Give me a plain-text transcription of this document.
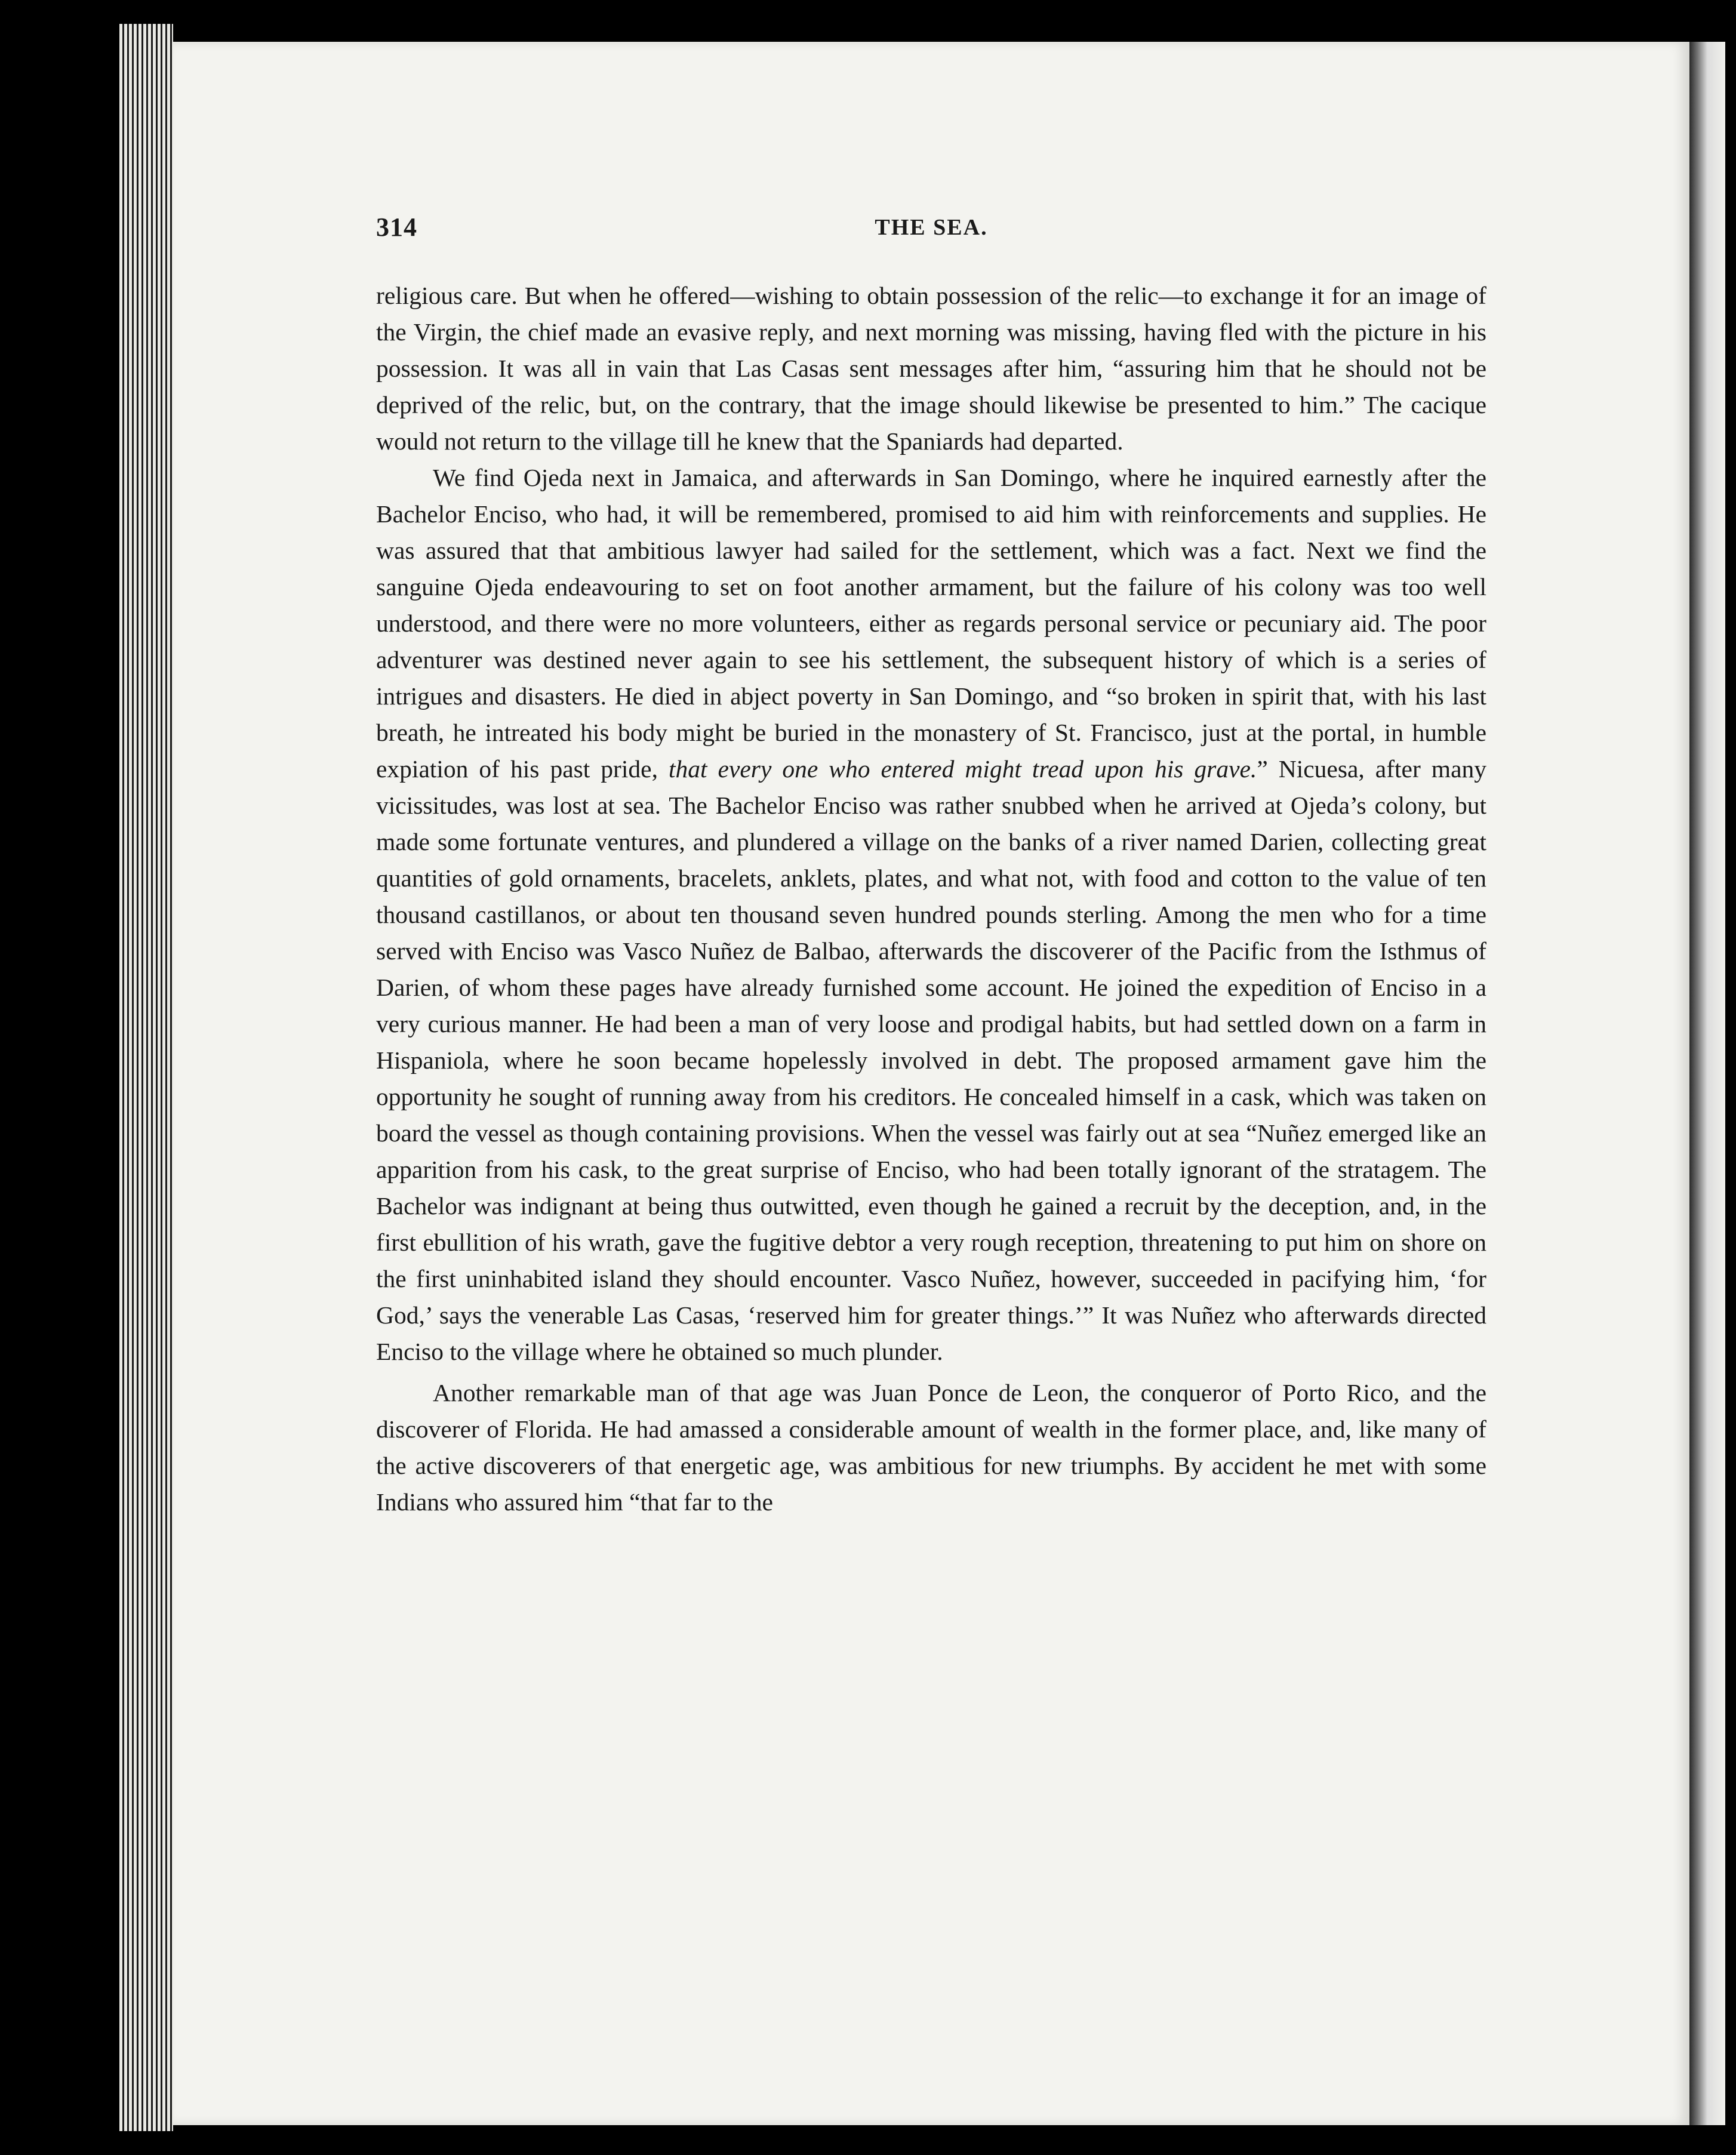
314	THE SEA.

religious care. But when he offered—wishing to obtain possession of the relic—to exchange it for an image of the Virgin, the chief made an evasive reply, and next morning was missing, having fled with the picture in his possession. It was all in vain that Las Casas sent messages after him, “assuring him that he should not be deprived of the relic, but, on the contrary, that the image should likewise be presented to him.” The cacique would not return to the village till he knew that the Spaniards had departed.

We find Ojeda next in Jamaica, and afterwards in San Domingo, where he inquired earnestly after the Bachelor Enciso, who had, it will be remembered, promised to aid him with reinforcements and supplies. He was assured that that ambitious lawyer had sailed for the settlement, which was a fact. Next we find the sanguine Ojeda endeavouring to set on foot another armament, but the failure of his colony was too well understood, and there were no more volunteers, either as regards personal service or pecuniary aid. The poor adventurer was destined never again to see his settlement, the subsequent history of which is a series of intrigues and disasters. He died in abject poverty in San Domingo, and “so broken in spirit that, with his last breath, he intreated his body might be buried in the monastery of St. Francisco, just at the portal, in humble expiation of his past pride, that every one who entered might tread upon his grave.” Nicuesa, after many vicissitudes, was lost at sea. The Bachelor Enciso was rather snubbed when he arrived at Ojeda’s colony, but made some fortunate ventures, and plundered a village on the banks of a river named Darien, collecting great quantities of gold ornaments, bracelets, anklets, plates, and what not, with food and cotton to the value of ten thousand castillanos, or about ten thousand seven hundred pounds sterling. Among the men who for a time served with Enciso was Vasco Nuñez de Balbao, afterwards the discoverer of the Pacific from the Isthmus of Darien, of whom these pages have already furnished some account. He joined the expedition of Enciso in a very curious manner. He had been a man of very loose and prodigal habits, but had settled down on a farm in Hispaniola, where he soon became hopelessly involved in debt. The proposed armament gave him the opportunity he sought of running away from his creditors. He concealed himself in a cask, which was taken on board the vessel as though containing provisions. When the vessel was fairly out at sea “Nuñez emerged like an apparition from his cask, to the great surprise of Enciso, who had been totally ignorant of the stratagem. The Bachelor was indignant at being thus outwitted, even though he gained a recruit by the deception, and, in the first ebullition of his wrath, gave the fugitive debtor a very rough reception, threatening to put him on shore on the first uninhabited island they should encounter. Vasco Nuñez, however, succeeded in pacifying him, ‘for God,’ says the venerable Las Casas, ‘reserved him for greater things.’” It was Nuñez who afterwards directed Enciso to the village where he obtained so much plunder.

Another remarkable man of that age was Juan Ponce de Leon, the conqueror of Porto Rico, and the discoverer of Florida. He had amassed a considerable amount of wealth in the former place, and, like many of the active discoverers of that energetic age, was ambitious for new triumphs. By accident he met with some Indians who assured him “that far to the
